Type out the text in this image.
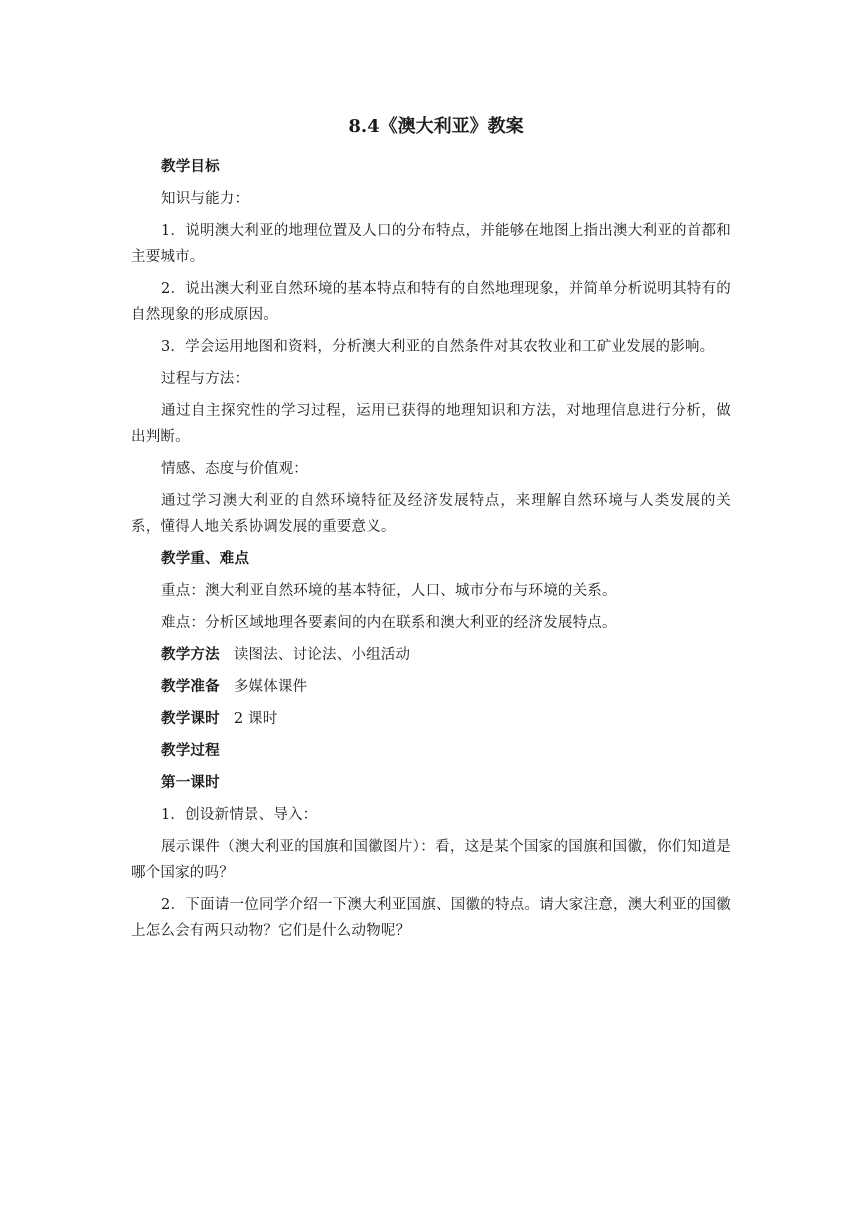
8.4《澳大利亚》教案
教学目标
知识与能力：
1．说明澳大利亚的地理位置及人口的分布特点，并能够在地图上指出澳大利亚的首都和主要城市。
2．说出澳大利亚自然环境的基本特点和特有的自然地理现象，并简单分析说明其特有的自然现象的形成原因。
3．学会运用地图和资料，分析澳大利亚的自然条件对其农牧业和工矿业发展的影响。
过程与方法：
通过自主探究性的学习过程，运用已获得的地理知识和方法，对地理信息进行分析，做出判断。
情感、态度与价值观：
通过学习澳大利亚的自然环境特征及经济发展特点，来理解自然环境与人类发展的关系，懂得人地关系协调发展的重要意义。
教学重、难点
重点：澳大利亚自然环境的基本特征，人口、城市分布与环境的关系。
难点：分析区域地理各要素间的内在联系和澳大利亚的经济发展特点。
教学方法 读图法、讨论法、小组活动
教学准备 多媒体课件
教学课时 2 课时
教学过程
第一课时
1．创设新情景、导入：
展示课件（澳大利亚的国旗和国徽图片）：看，这是某个国家的国旗和国徽，你们知道是哪个国家的吗？
2．下面请一位同学介绍一下澳大利亚国旗、国徽的特点。请大家注意，澳大利亚的国徽上怎么会有两只动物？它们是什么动物呢？
